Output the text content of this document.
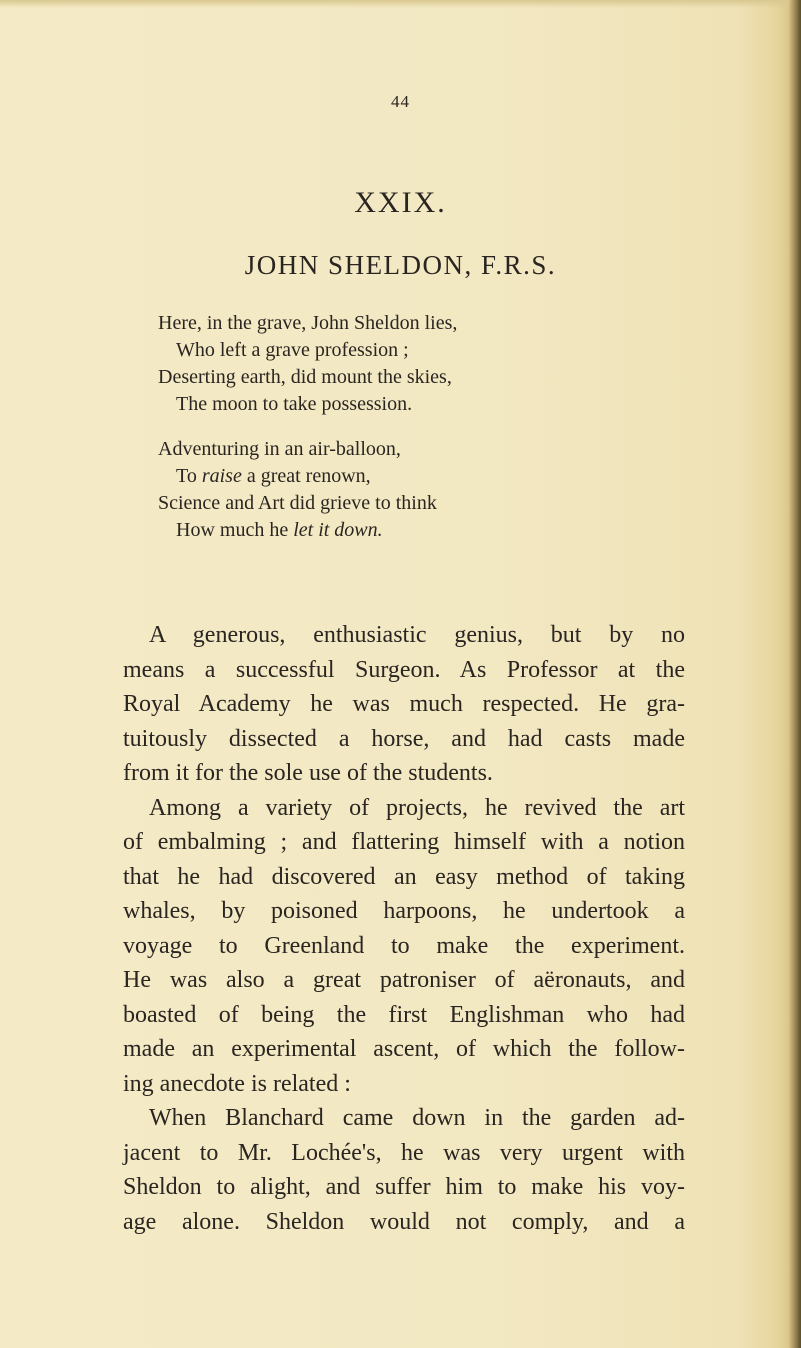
44
XXIX.
JOHN SHELDON, F.R.S.
Here, in the grave, John Sheldon lies,
Who left a grave profession ;
Deserting earth, did mount the skies,
The moon to take possession.
Adventuring in an air-balloon,
To raise a great renown,
Science and Art did grieve to think
How much he let it down.
A generous, enthusiastic genius, but by no
means a successful Surgeon. As Professor at the
Royal Academy he was much respected. He gra-
tuitously dissected a horse, and had casts made
from it for the sole use of the students.
Among a variety of projects, he revived the art
of embalming ; and flattering himself with a notion
that he had discovered an easy method of taking
whales, by poisoned harpoons, he undertook a
voyage to Greenland to make the experiment.
He was also a great patroniser of aëronauts, and
boasted of being the first Englishman who had
made an experimental ascent, of which the follow-
ing anecdote is related :
When Blanchard came down in the garden ad-
jacent to Mr. Lochée's, he was very urgent with
Sheldon to alight, and suffer him to make his voy-
age alone. Sheldon would not comply, and a
